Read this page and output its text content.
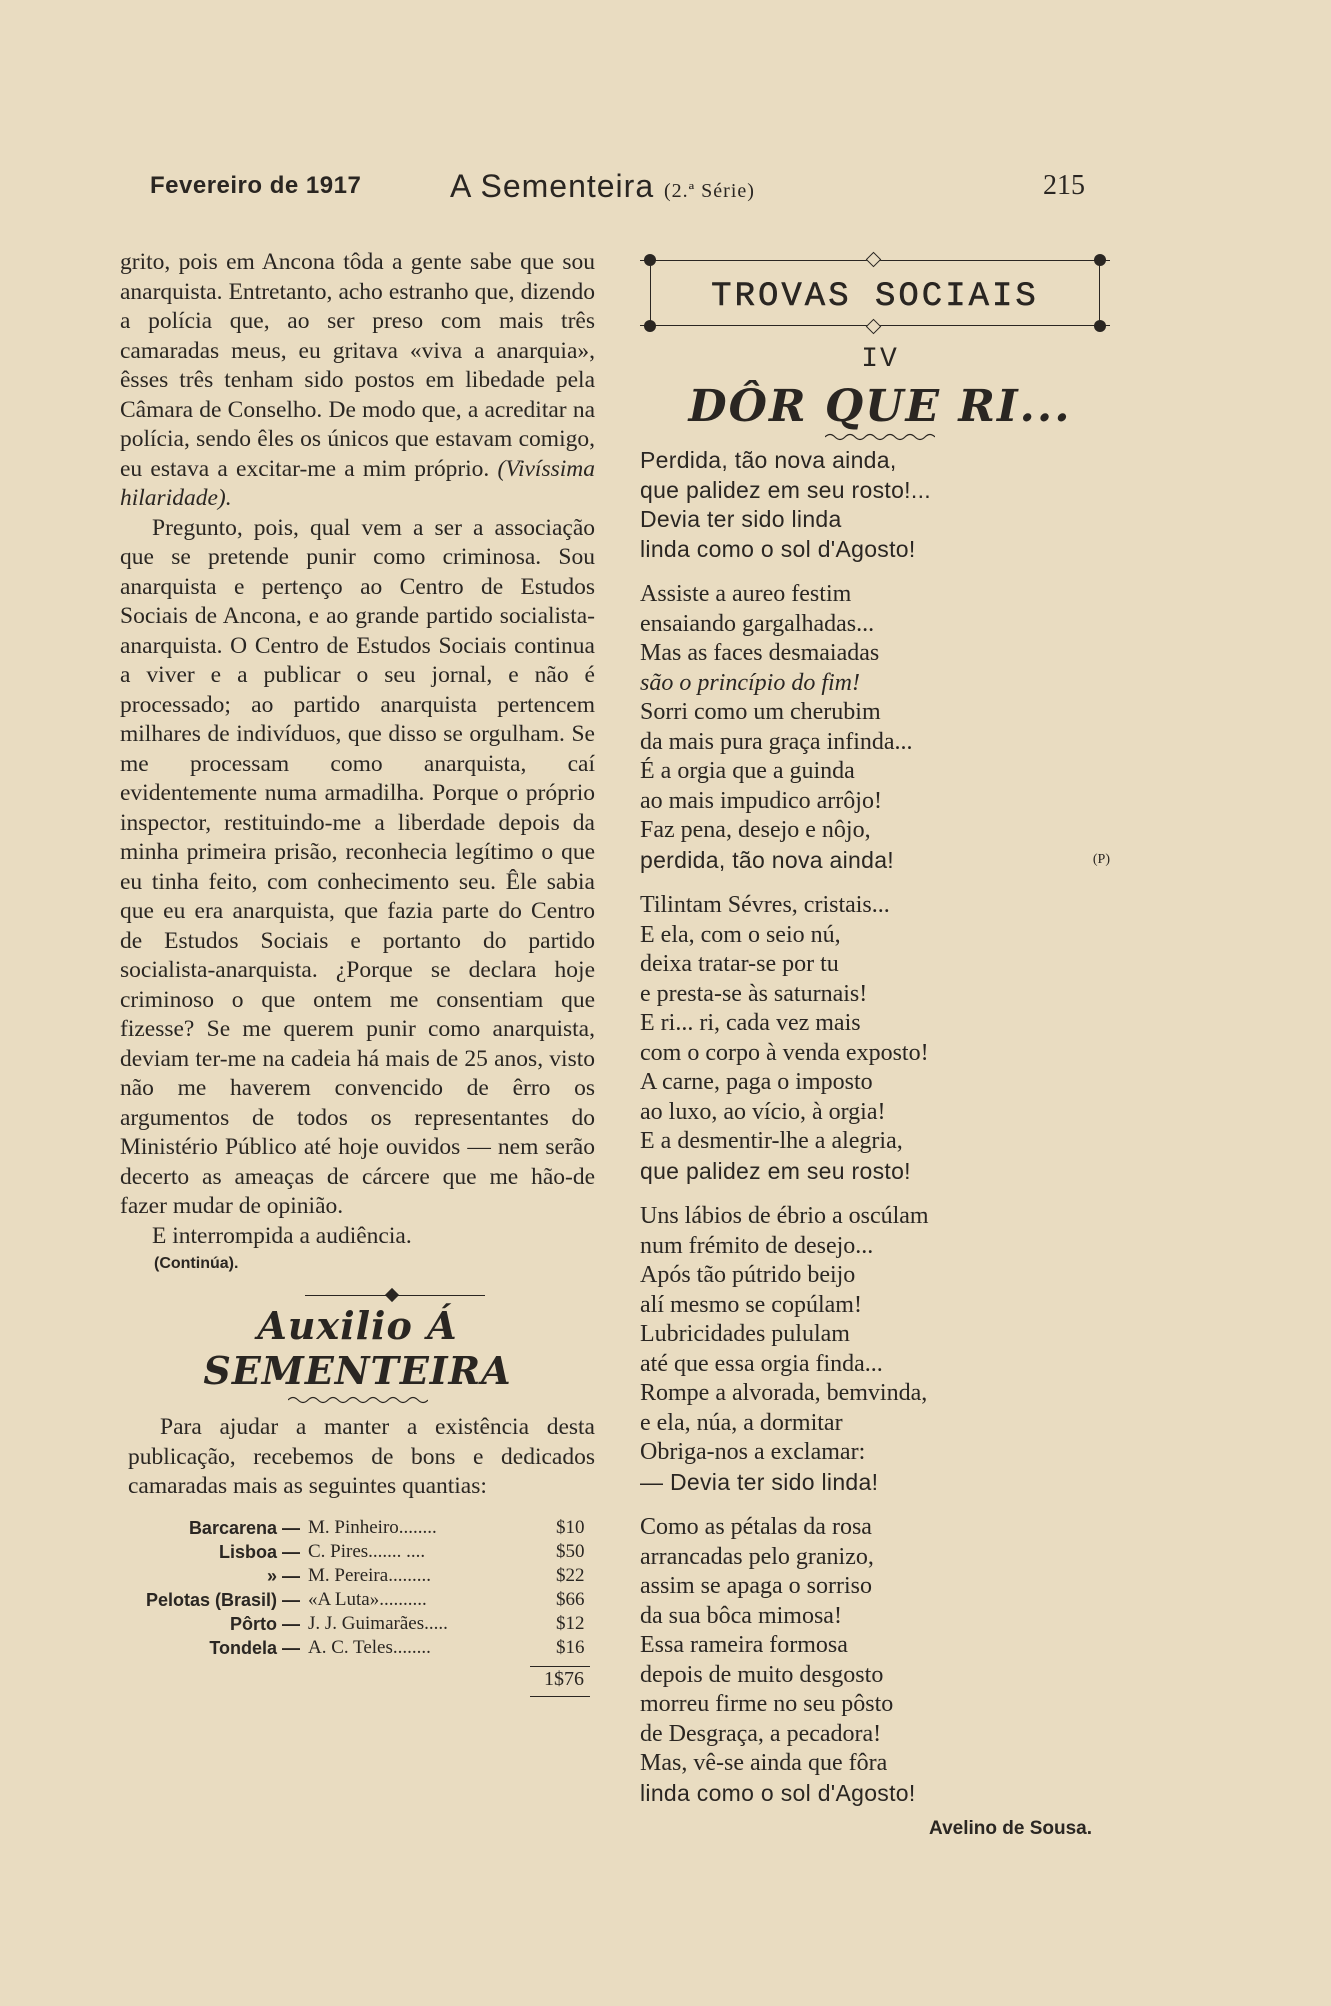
Fevereiro de 1917	A Sementeira (2.ª Série)	215

grito, pois em Ancona tôda a gente sabe que sou anarquista. Entretanto, acho estranho que, dizendo a polícia que, ao ser preso com mais três camaradas meus, eu gritava «viva a anarquia», êsses três tenham sido postos em libedade pela Câmara de Conselho. De modo que, a acreditar na polícia, sendo êles os únicos que estavam comigo, eu estava a excitar-me a mim próprio. (Vivíssima hilaridade).

Pregunto, pois, qual vem a ser a associação que se pretende punir como criminosa. Sou anarquista e pertenço ao Centro de Estudos Sociais de Ancona, e ao grande partido socialista-anarquista. O Centro de Estudos Sociais continua a viver e a publicar o seu jornal, e não é processado; ao partido anarquista pertencem milhares de indivíduos, que disso se orgulham. Se me processam como anarquista, caí evidentemente numa armadilha. Porque o próprio inspector, restituindo-me a liberdade depois da minha primeira prisão, reconhecia legítimo o que eu tinha feito, com conhecimento seu. Êle sabia que eu era anarquista, que fazia parte do Centro de Estudos Sociais e portanto do partido socialista-anarquista. ¿Porque se declara hoje criminoso o que ontem me consentiam que fizesse? Se me querem punir como anarquista, deviam ter-me na cadeia há mais de 25 anos, visto não me haverem convencido de êrro os argumentos de todos os representantes do Ministério Público até hoje ouvidos — nem serão decerto as ameaças de cárcere que me hão-de fazer mudar de opinião.

E interrompida a audiência.

(Continúa).
Auxilio Á SEMENTEIRA

Para ajudar a manter a existência desta publicação, recebemos de bons e dedicados camaradas mais as seguintes quantias:

Barcarena — M. Pinheiro........	$10
Lisboa — C. Pires....... ....	$50
» — M. Pereira.........	$22
Pelotas (Brasil) — «A Luta»..........	$66
Pôrto — J. J. Guimarães.....	$12
Tondela — A. C. Teles........	$16
1$76
TROVAS SOCIAIS
IV
DÔR QUE RI...
(P)
Perdida, tão nova ainda,
que palidez em seu rosto!...
Devia ter sido linda
linda como o sol d'Agosto!
Assiste a aureo festim
ensaiando gargalhadas...
Mas as faces desmaiadas
são o princípio do fim!
Sorri como um cherubim
da mais pura graça infinda...
É a orgia que a guinda
ao mais impudico arrôjo!
Faz pena, desejo e nôjo,
perdida, tão nova ainda!
Tilintam Sévres, cristais...
E ela, com o seio nú,
deixa tratar-se por tu
e presta-se às saturnais!
E ri... ri, cada vez mais
com o corpo à venda exposto!
A carne, paga o imposto
ao luxo, ao vício, à orgia!
E a desmentir-lhe a alegria,
que palidez em seu rosto!
Uns lábios de ébrio a oscúlam
num frémito de desejo...
Após tão pútrido beijo
alí mesmo se copúlam!
Lubricidades pululam
até que essa orgia finda...
Rompe a alvorada, bemvinda,
e ela, núa, a dormitar
Obriga-nos a exclamar:
— Devia ter sido linda!
Como as pétalas da rosa
arrancadas pelo granizo,
assim se apaga o sorriso
da sua bôca mimosa!
Essa rameira formosa
depois de muito desgosto
morreu firme no seu pôsto
de Desgraça, a pecadora!
Mas, vê-se ainda que fôra
linda como o sol d'Agosto!
Avelino de Sousa.
